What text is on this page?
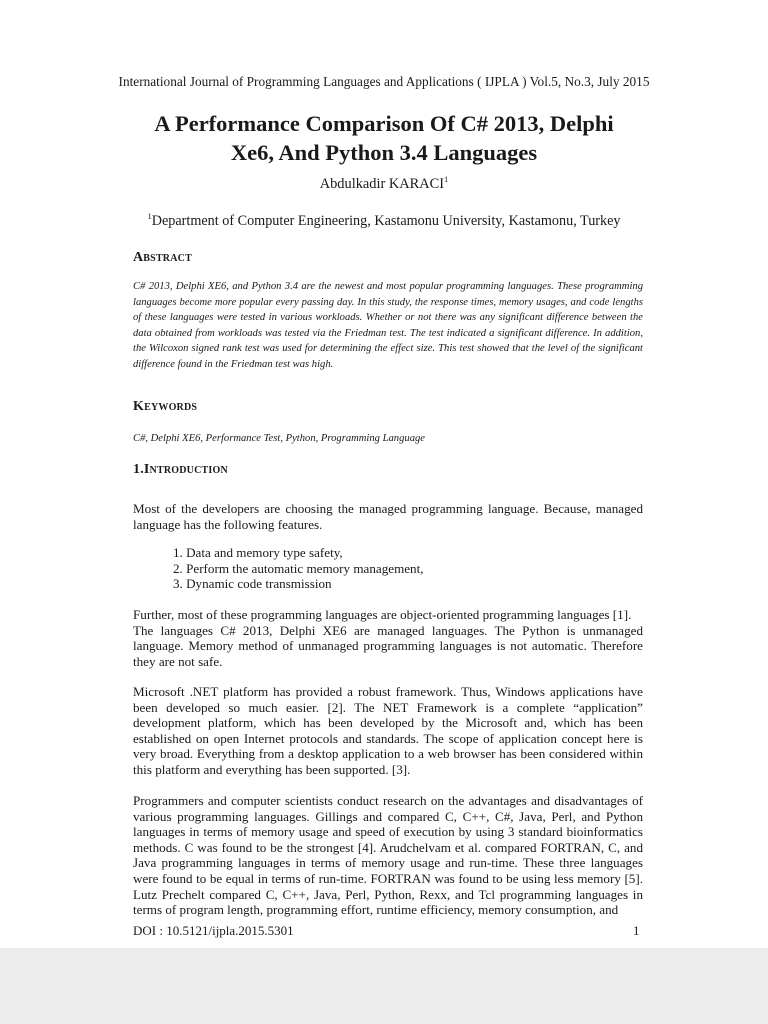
International Journal of Programming Languages and Applications ( IJPLA ) Vol.5, No.3, July 2015
A Performance Comparison Of C# 2013, Delphi
Xe6, And Python 3.4 Languages
Abdulkadir KARACI$^1$
$^1$Department of Computer Engineering, Kastamonu University, Kastamonu, Turkey
Abstract
C# 2013, Delphi XE6, and Python 3.4 are the newest and most popular programming languages. These programming languages become more popular every passing day. In this study, the response times, memory usages, and code lengths of these languages were tested in various workloads. Whether or not there was any significant difference between the data obtained from workloads was tested via the Friedman test. The test indicated a significant difference. In addition, the Wilcoxon signed rank test was used for determining the effect size. This test showed that the level of the significant difference found in the Friedman test was high.
Keywords
C#, Delphi XE6, Performance Test, Python, Programming Language
1.Introduction
Most of the developers are choosing the managed programming language. Because, managed language has the following features.
1. Data and memory type safety,
2. Perform the automatic memory management,
3. Dynamic code transmission
Further, most of these programming languages are object-oriented programming languages [1].
The languages C# 2013, Delphi XE6 are managed languages. The Python is unmanaged language. Memory method of unmanaged programming languages is not automatic. Therefore they are not safe.
Microsoft .NET platform has provided a robust framework. Thus, Windows applications have been developed so much easier. [2]. The NET Framework is a complete “application” development platform, which has been developed by the Microsoft and, which has been established on open Internet protocols and standards. The scope of application concept here is very broad. Everything from a desktop application to a web browser has been considered within this platform and everything has been supported. [3].
Programmers and computer scientists conduct research on the advantages and disadvantages of various programming languages. Gillings and compared C, C++, C#, Java, Perl, and Python languages in terms of memory usage and speed of execution by using 3 standard bioinformatics methods. C was found to be the strongest [4]. Arudchelvam et al. compared FORTRAN, C, and Java programming languages in terms of memory usage and run-time. These three languages were found to be equal in terms of run-time. FORTRAN was found to be using less memory [5]. Lutz Prechelt compared C, C++, Java, Perl, Python, Rexx, and Tcl programming languages in terms of program length, programming effort, runtime efficiency, memory consumption, and
DOI : 10.5121/ijpla.2015.5301	1
